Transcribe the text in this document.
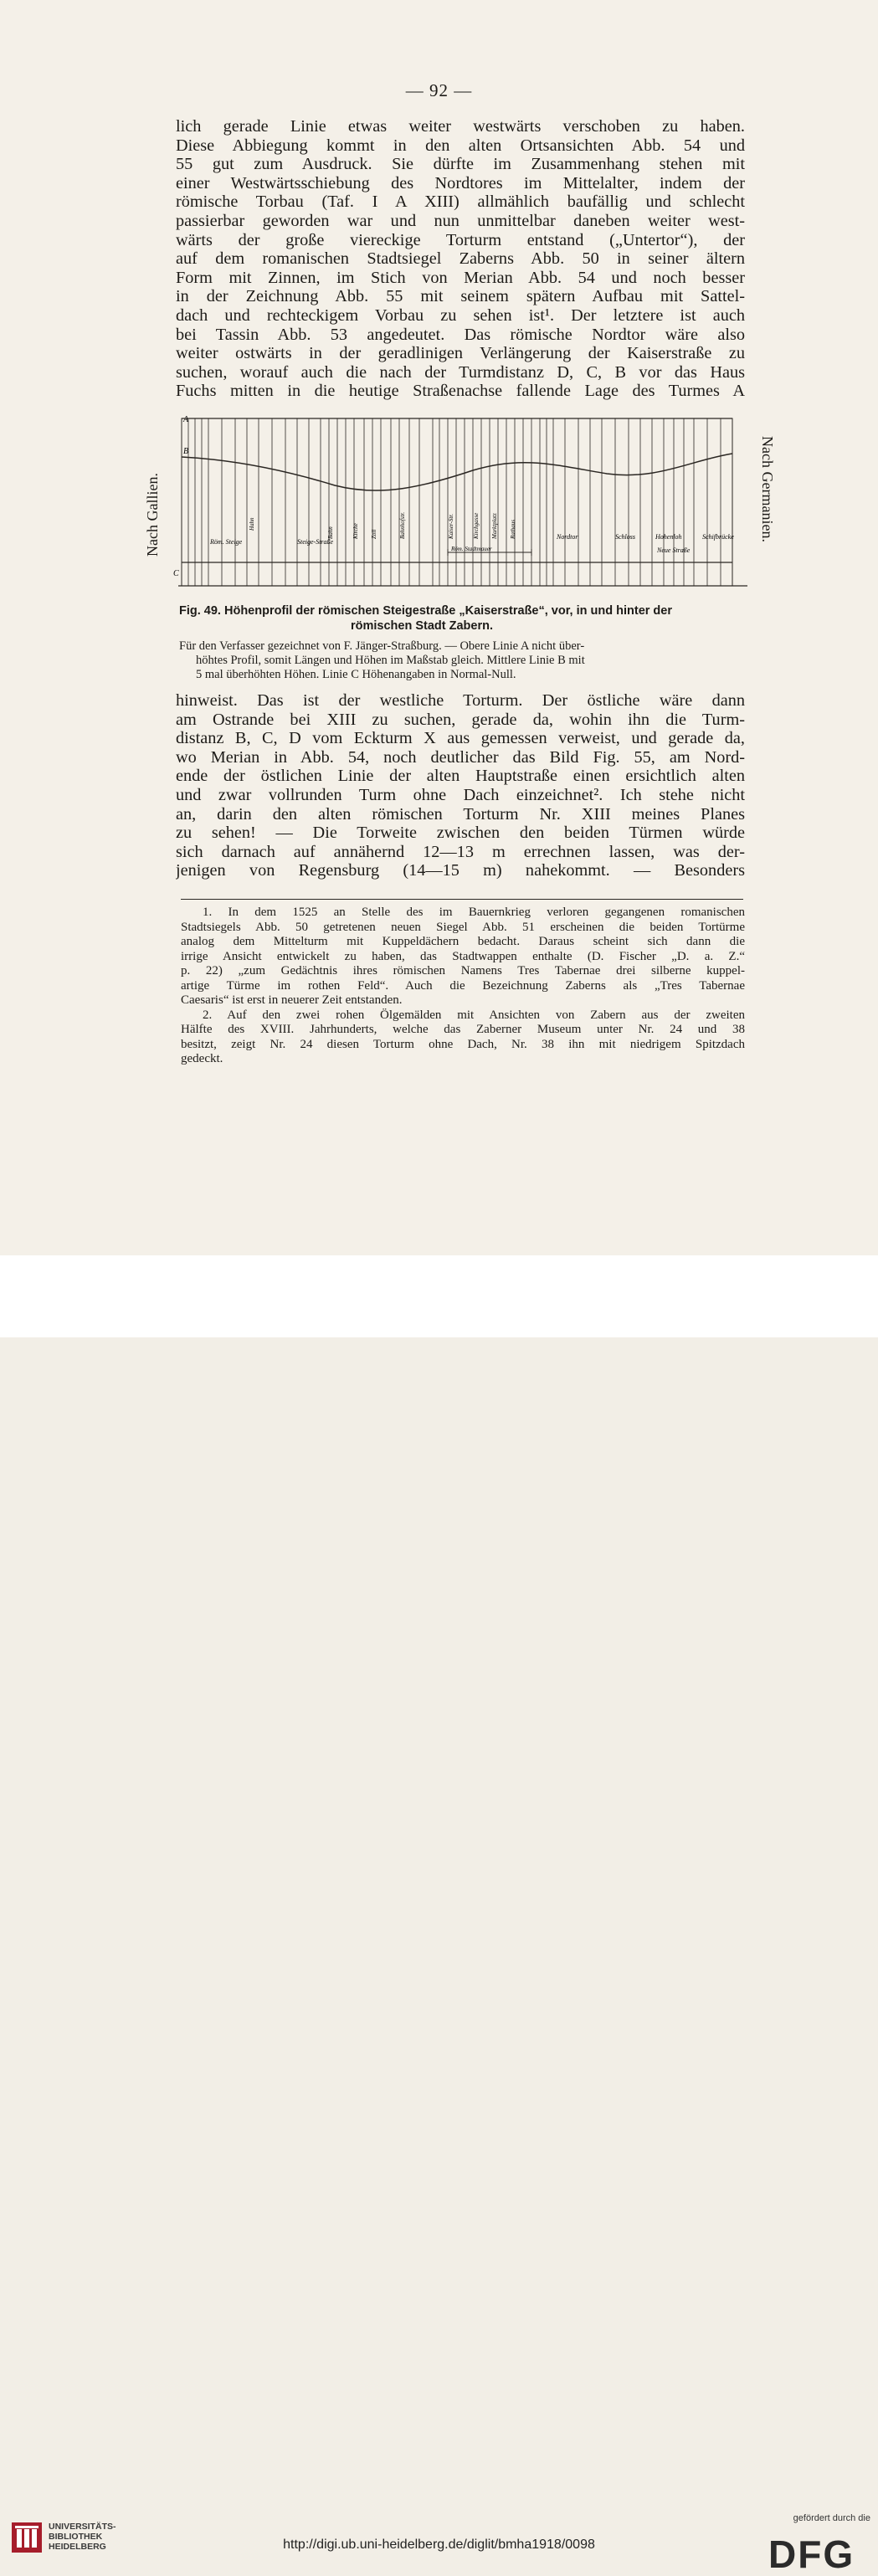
— 92 —
lich gerade Linie etwas weiter westwärts verschoben zu haben.
Diese Abbiegung kommt in den alten Ortsansichten Abb. 54 und
55 gut zum Ausdruck. Sie dürfte im Zusammenhang stehen mit
einer Westwärtsschiebung des Nordtores im Mittelalter, indem der
römische Torbau (Taf. I A XIII) allmählich baufällig und schlecht
passierbar geworden war und nun unmittelbar daneben weiter west-
wärts der große viereckige Torturm entstand („Untertor“), der
auf dem romanischen Stadtsiegel Zaberns Abb. 50 in seiner ältern
Form mit Zinnen, im Stich von Merian Abb. 54 und noch besser
in der Zeichnung Abb. 55 mit seinem spätern Aufbau mit Sattel-
dach und rechteckigem Vorbau zu sehen ist¹. Der letztere ist auch
bei Tassin Abb. 53 angedeutet. Das römische Nordtor wäre also
weiter ostwärts in der geradlinigen Verlängerung der Kaiserstraße zu
suchen, worauf auch die nach der Turmdistanz D, C, B vor das Haus
Fuchs mitten in die heutige Straßenachse fallende Lage des Turmes A
Nach Gallien.	Nach Germanien.
A
B
C
Röm. Steige	Steige-Straße
Hahn
Bahn	Kirche Zoll	Bahnhofstr.	Kaiser-Str.	Kirchgasse Marktplatz Rathaus	Nordtor	Schloss	Schifbrücke
Hohenloh
Neue Straße
Röm. Stadtmauer
Fig. 49. Höhenprofil der römischen Steigestraße „Kaiserstraße“, vor, in und hinter der
römischen Stadt Zabern.
Für den Verfasser gezeichnet von F. Jänger-Straßburg. — Obere Linie A nicht über-
höhtes Profil, somit Längen und Höhen im Maßstab gleich. Mittlere Linie B mit
5 mal überhöhten Höhen. Linie C Höhenangaben in Normal-Null.
hinweist. Das ist der westliche Torturm. Der östliche wäre dann
am Ostrande bei XIII zu suchen, gerade da, wohin ihn die Turm-
distanz B, C, D vom Eckturm X aus gemessen verweist, und gerade da,
wo Merian in Abb. 54, noch deutlicher das Bild Fig. 55, am Nord-
ende der östlichen Linie der alten Hauptstraße einen ersichtlich alten
und zwar vollrunden Turm ohne Dach einzeichnet². Ich stehe nicht
an, darin den alten römischen Torturm Nr. XIII meines Planes
zu sehen! — Die Torweite zwischen den beiden Türmen würde
sich darnach auf annähernd 12—13 m errechnen lassen, was der-
jenigen von Regensburg (14—15 m) nahekommt. — Besonders
1. In dem 1525 an Stelle des im Bauernkrieg verloren gegangenen romanischen
Stadtsiegels Abb. 50 getretenen neuen Siegel Abb. 51 erscheinen die beiden Tortürme
analog dem Mittelturm mit Kuppeldächern bedacht. Daraus scheint sich dann die
irrige Ansicht entwickelt zu haben, das Stadtwappen enthalte (D. Fischer „D. a. Z.“
p. 22) „zum Gedächtnis ihres römischen Namens Tres Tabernae drei silberne kuppel-
artige Türme im rothen Feld“. Auch die Bezeichnung Zaberns als „Tres Tabernae
Caesaris“ ist erst in neuerer Zeit entstanden.
2. Auf den zwei rohen Ölgemälden mit Ansichten von Zabern aus der zweiten
Hälfte des XVIII. Jahrhunderts, welche das Zaberner Museum unter Nr. 24 und 38
besitzt, zeigt Nr. 24 diesen Torturm ohne Dach, Nr. 38 ihn mit niedrigem Spitzdach
gedeckt.
UNIVERSITÄTS-
BIBLIOTHEK
HEIDELBERG	http://digi.ub.uni-heidelberg.de/diglit/bmha1918/0098
gefördert durch die
DFG
